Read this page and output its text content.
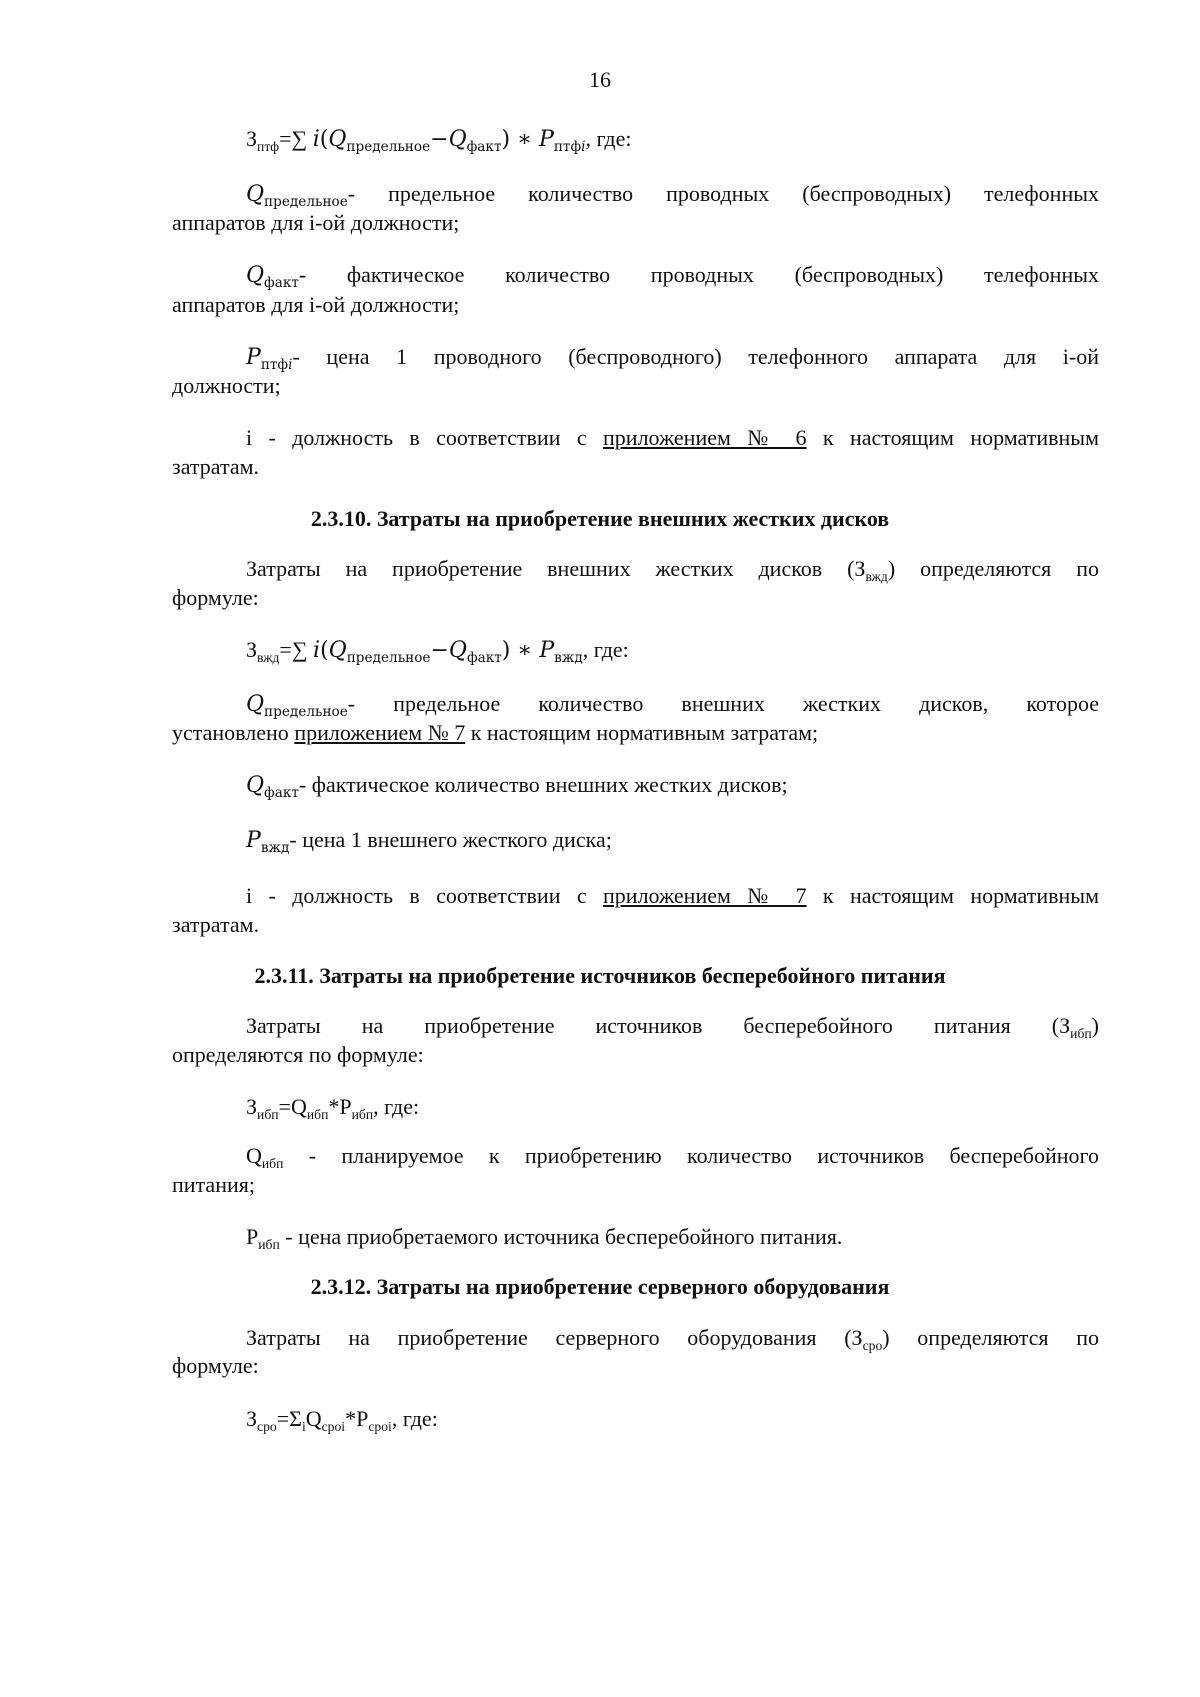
16
$З_{птф}=\sum$ $i(Q_{предельное}-Q_{факт})$ ∗ $P_{птфi}$, где:
$Q_{предельное}-$ предельное количество проводных (беспроводных) телефонных
аппаратов для i-ой должности;
$Q_{факт}-$ фактическое количество проводных (беспроводных) телефонных
аппаратов для i-ой должности;
$P_{птфi}-$ цена 1 проводного (беспроводного) телефонного аппарата для i-ой
должности;
i - должность в соответствии с приложением № 6 к настоящим нормативным
затратам.
2.3.10. Затраты на приобретение внешних жестких дисков
Затраты на приобретение внешних жестких дисков $(З_{вжд})$ определяются по
формуле:
$З_{вжд}=\sum$ $i(Q_{предельное}-Q_{факт})$ ∗ $P_{вжд}$, где:
$Q_{предельное}-$ предельное количество внешних жестких дисков, которое
установлено приложением № 7 к настоящим нормативным затратам;
$Q_{факт}-$ фактическое количество внешних жестких дисков;
$P_{вжд}-$ цена 1 внешнего жесткого диска;
i - должность в соответствии с приложением № 7 к настоящим нормативным
затратам.
2.3.11. Затраты на приобретение источников бесперебойного питания
Затраты на приобретение источников бесперебойного питания $(З_{ибп})$
определяются по формуле:
$З_{ибп}=Q_{ибп}*P_{ибп}$, где:
$Q_{ибп}$ - планируемое к приобретению количество источников бесперебойного
питания;
$P_{ибп}$ - цена приобретаемого источника бесперебойного питания.
2.3.12. Затраты на приобретение серверного оборудования
Затраты на приобретение серверного оборудования $(З_{сро})$ определяются по
формуле:
$З_{сро}=\Sigma_iQ_{сроi}*P_{сроi}$, где:
